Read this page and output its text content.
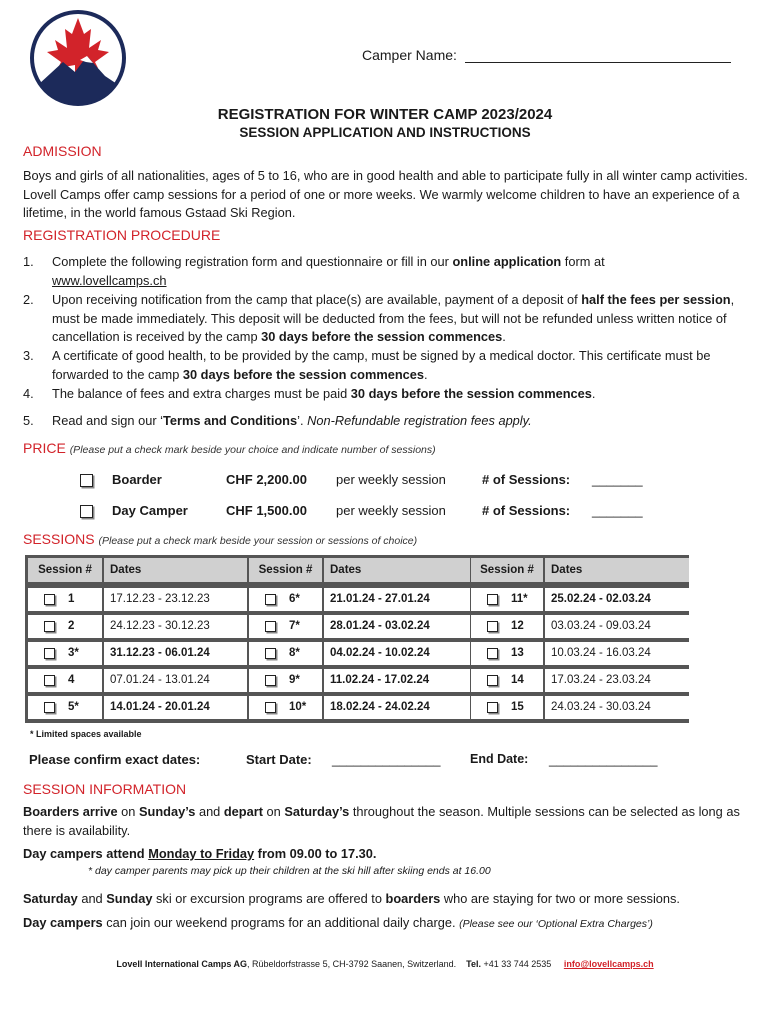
Camper Name:
REGISTRATION FOR WINTER CAMP 2023/2024
SESSION APPLICATION AND INSTRUCTIONS
ADMISSION
Boys and girls of all nationalities, ages of 5 to 16, who are in good health and able to participate fully in all winter camp activities. Lovell Camps offer camp sessions for a period of one or more weeks. We warmly welcome children to have an experience of a lifetime, in the world famous Gstaad Ski Region.
REGISTRATION PROCEDURE
1. Complete the following registration form and questionnaire or fill in our online application form at
www.lovellcamps.ch
2. Upon receiving notification from the camp that place(s) are available, payment of a deposit of half the fees per session, must be made immediately. This deposit will be deducted from the fees, but will not be refunded unless written notice of cancellation is received by the camp 30 days before the session commences.
3. A certificate of good health, to be provided by the camp, must be signed by a medical doctor. This certificate must be forwarded to the camp 30 days before the session commences.
4. The balance of fees and extra charges must be paid 30 days before the session commences.
5. Read and sign our ‘Terms and Conditions’. Non-Refundable registration fees apply.
PRICE (Please put a check mark beside your choice and indicate number of sessions)
Boarder	CHF 2,200.00 per weekly session	# of Sessions: _______
Day Camper	CHF 1,500.00 per weekly session	# of Sessions: _______
SESSIONS (Please put a check mark beside your session or sessions of choice)
Session #	Dates
1	17.12.23 - 23.12.23
2	24.12.23 - 30.12.23
3*	31.12.23 - 06.01.24
4	07.01.24 - 13.01.24
5*	14.01.24 - 20.01.24
Session #	Dates
6*	21.01.24 - 27.01.24
7*	28.01.24 - 03.02.24
8*	04.02.24 - 10.02.24
9*	11.02.24 - 17.02.24
10*	18.02.24 - 24.02.24
Session #	Dates
11*	25.02.24 - 02.03.24
12	03.03.24 - 09.03.24
13	10.03.24 - 16.03.24
14	17.03.24 - 23.03.24
15	24.03.24 - 30.03.24
* Limited spaces available
Please confirm exact dates:	Start Date: _______________ End Date: _______________
SESSION INFORMATION
Boarders arrive on Sunday’s and depart on Saturday’s throughout the season. Multiple sessions can be selected as long as there is availability.
Day campers attend Monday to Friday from 09.00 to 17.30.
* day camper parents may pick up their children at the ski hill after skiing ends at 16.00
Saturday and Sunday ski or excursion programs are offered to boarders who are staying for two or more sessions.
Day campers can join our weekend programs for an additional daily charge. (Please see our ‘Optional Extra Charges’)
Lovell International Camps AG, Rübeldorfstrasse 5, CH-3792 Saanen, Switzerland. Tel. +41 33 744 2535 info@lovellcamps.ch
